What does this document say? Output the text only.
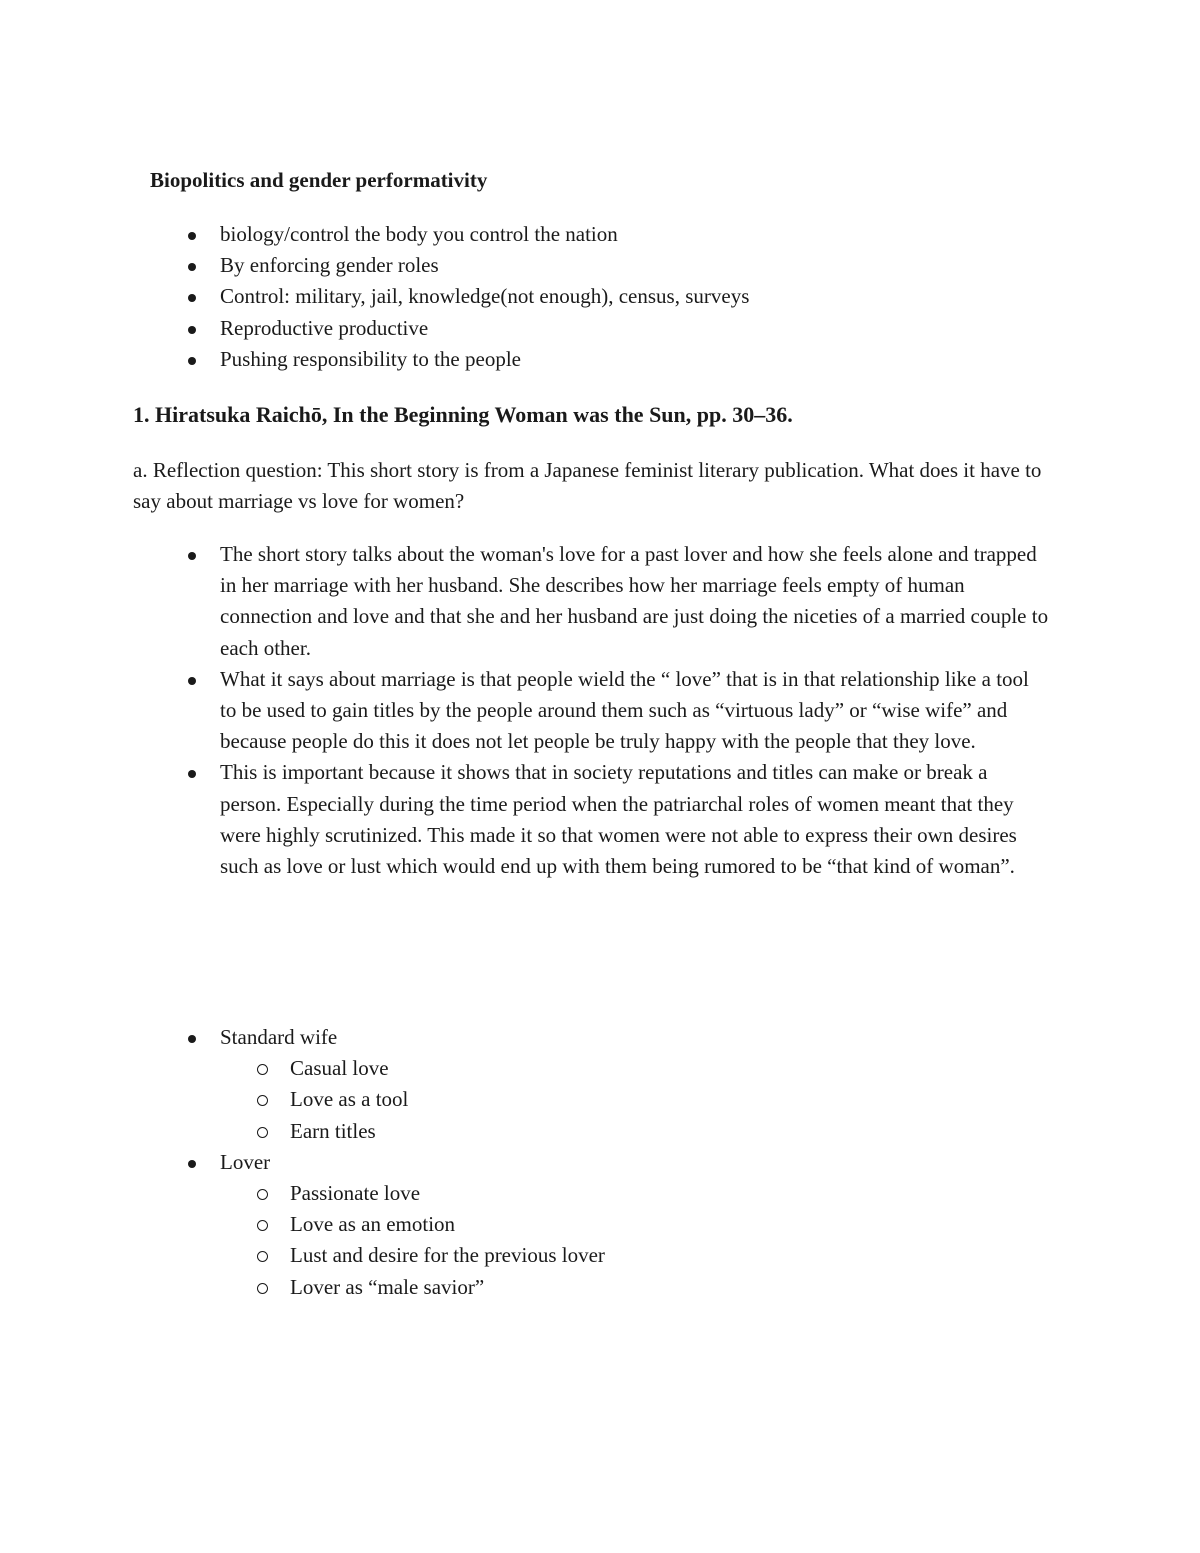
Biopolitics and gender performativity
biology/control the body you control the nation
By enforcing gender roles
Control: military, jail, knowledge(not enough), census, surveys
Reproductive productive
Pushing responsibility to the people
1. Hiratsuka Raichō, In the Beginning Woman was the Sun, pp. 30–36.

a. Reflection question: This short story is from a Japanese feminist literary publication. What does it have to say about marriage vs love for women?

The short story talks about the woman's love for a past lover and how she feels alone and trapped in her marriage with her husband. She describes how her marriage feels empty of human connection and love and that she and her husband are just doing the niceties of a married couple to each other.
What it says about marriage is that people wield the “ love” that is in that relationship like a tool to be used to gain titles by the people around them such as “virtuous lady” or “wise wife” and because people do this it does not let people be truly happy with the people that they love.
This is important because it shows that in society reputations and titles can make or break a person. Especially during the time period when the patriarchal roles of women meant that they were highly scrutinized. This made it so that women were not able to express their own desires such as love or lust which would end up with them being rumored to be “that kind of woman”.
Standard wife
Casual love
Love as a tool
Earn titles
Lover
Passionate love
Love as an emotion
Lust and desire for the previous lover
Lover as “male savior”
